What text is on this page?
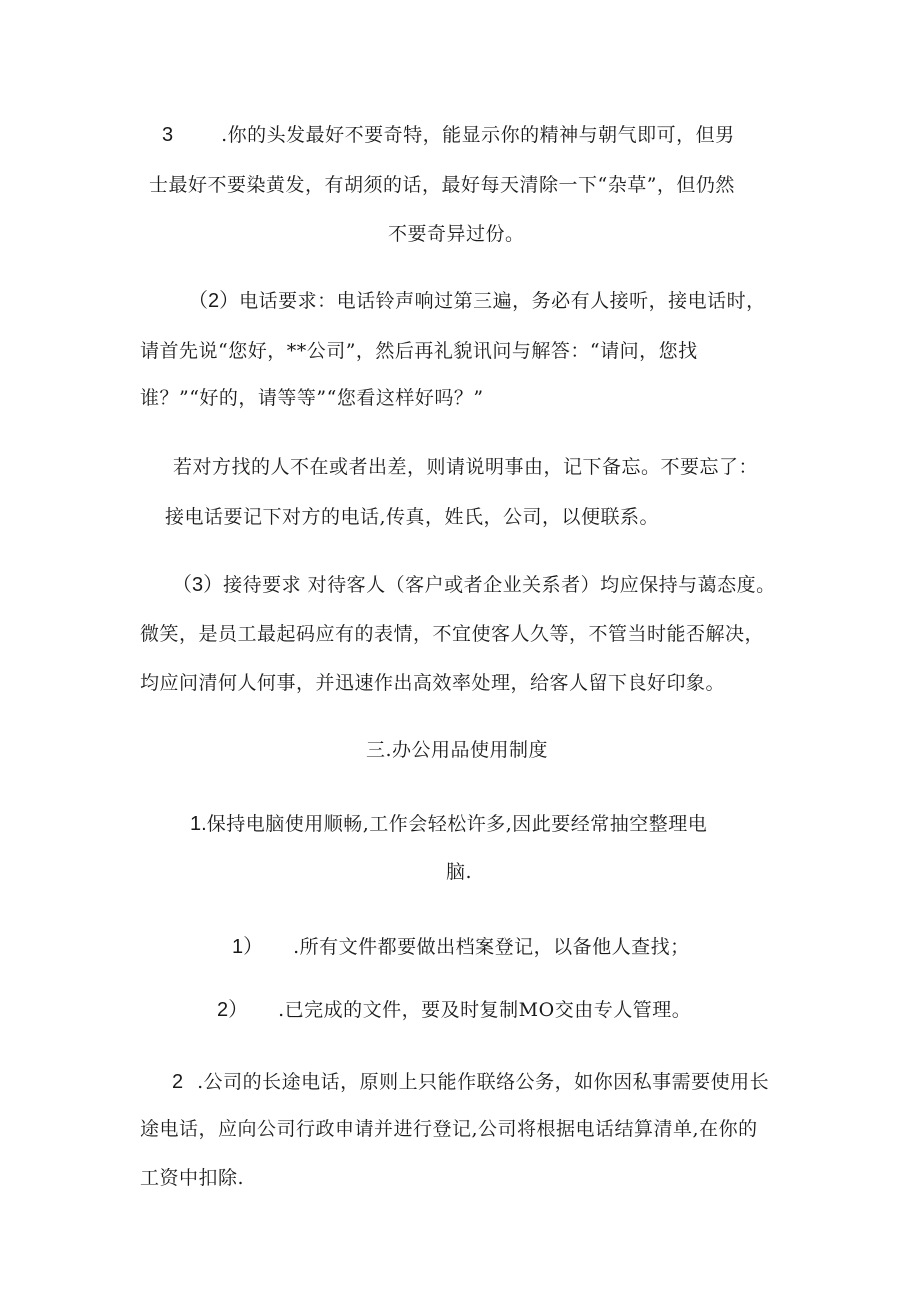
3	.你的头发最好不要奇特，能显示你的精神与朝气即可，但男
士最好不要染黄发，有胡须的话，最好每天清除一下“杂草”，但仍然
不要奇异过份。
（2）电话要求：电话铃声响过第三遍，务必有人接听，接电话时，
请首先说“您好，**公司”，然后再礼貌讯问与解答：“请问，您找
谁？”“好的，请等等”“您看这样好吗？”
若对方找的人不在或者出差，则请说明事由，记下备忘。不要忘了：
接电话要记下对方的电话,传真，姓氏，公司，以便联系。
（3）接待要求 对待客人（客户或者企业关系者）均应保持与蔼态度。
微笑，是员工最起码应有的表情，不宜使客人久等，不管当时能否解决，
均应问清何人何事，并迅速作出高效率处理，给客人留下良好印象。
三.办公用品使用制度
1.保持电脑使用顺畅,工作会轻松许多,因此要经常抽空整理电
脑.
1） .所有文件都要做出档案登记，以备他人查找；
2） .已完成的文件，要及时复制MO交由专人管理。
2 .公司的长途电话，原则上只能作联络公务，如你因私事需要使用长
途电话，应向公司行政申请并进行登记,公司将根据电话结算清单,在你的
工资中扣除.
